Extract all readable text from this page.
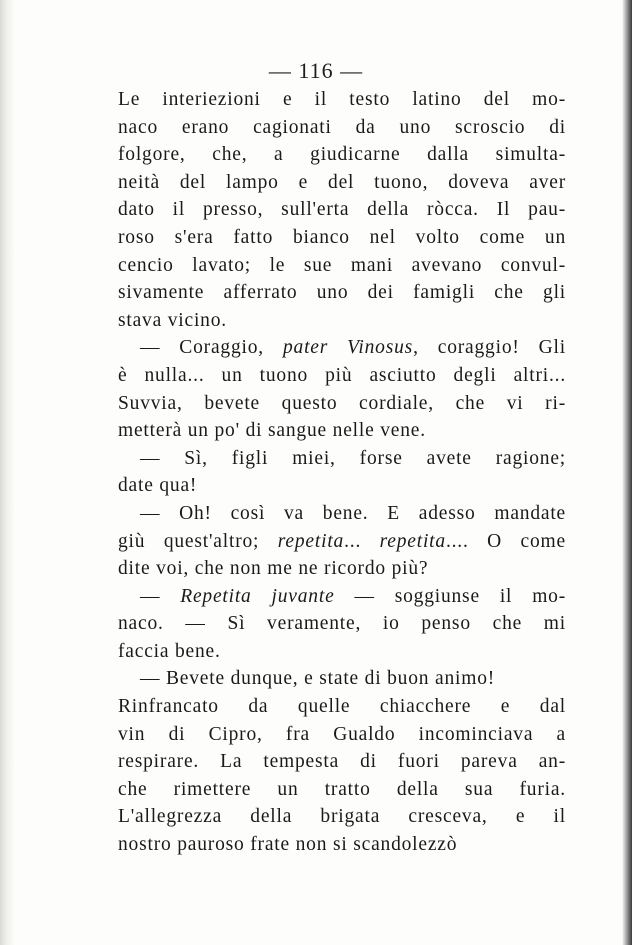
— 116 —
Le interiezioni e il testo latino del mo-
naco erano cagionati da uno scroscio di
folgore, che, a giudicarne dalla simulta-
neità del lampo e del tuono, doveva aver
dato il presso, sull'erta della ròcca. Il pau-
roso s'era fatto bianco nel volto come un
cencio lavato; le sue mani avevano convul-
sivamente afferrato uno dei famigli che gli
stava vicino.
— Coraggio, pater Vinosus, coraggio! Gli
è nulla... un tuono più asciutto degli altri...
Suvvia, bevete questo cordiale, che vi ri-
metterà un po' di sangue nelle vene.
— Sì, figli miei, forse avete ragione;
date qua!
— Oh! così va bene. E adesso mandate
giù quest'altro; repetita... repetita.... O come
dite voi, che non me ne ricordo più?
— Repetita juvante — soggiunse il mo-
naco. — Sì veramente, io penso che mi
faccia bene.
— Bevete dunque, e state di buon animo!
Rinfrancato da quelle chiacchere e dal
vin di Cipro, fra Gualdo incominciava a
respirare. La tempesta di fuori pareva an-
che rimettere un tratto della sua furia.
L'allegrezza della brigata cresceva, e il
nostro pauroso frate non si scandolezzò
